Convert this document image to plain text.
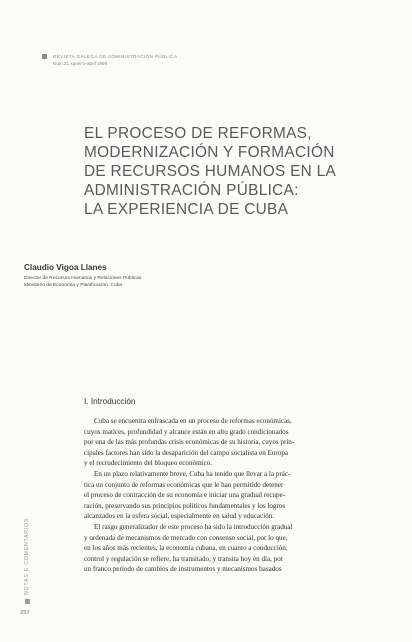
REVISTA GALEGA DE ADMINISTRACIÓN PÚBLICA
Núm.21 xaneiro-abril 1999
EL PROCESO DE REFORMAS,
MODERNIZACIÓN Y FORMACIÓN
DE RECURSOS HUMANOS EN LA
ADMINISTRACIÓN PÚBLICA:
LA EXPERIENCIA DE CUBA
Claudio Vigoa Llanes
Director de Recursos Humanos y Relaciones Públicas
Ministerio de Economía y Planificación. Cuba
I. Introducción
Cuba se encuentra enfrascada en un proceso de reformas económicas,
cuyos matices, profundidad y alcance están en alto grado condicionados
por una de las más profundas crisis económicas de su historia, cuyos prin-
cipales factores han sido la desaparición del campo socialista en Europa
y el recrudecimiento del bloqueo económico.
En un plazo relativamente breve, Cuba ha tenido que llevar a la prác-
tica un conjunto de reformas económicas que le han permitido detener
el proceso de contracción de su economía e iniciar una gradual recupe-
ración, preservando sus principios políticos fundamentales y los logros
alcanzados en la esfera social, especialmente en salud y educación.
El rasgo generalizador de este proceso ha sido la introducción gradual
y ordenada de mecanismos de mercado con consenso social, por lo que,
en los años más recientes, la economía cubana, en cuanto a conducción,
control y regulación se refiere, ha transitado, y transita hoy en día, por
un franco período de cambios de instrumentos y mecanismos basados
NOTAS E COMENTARIOS
257
